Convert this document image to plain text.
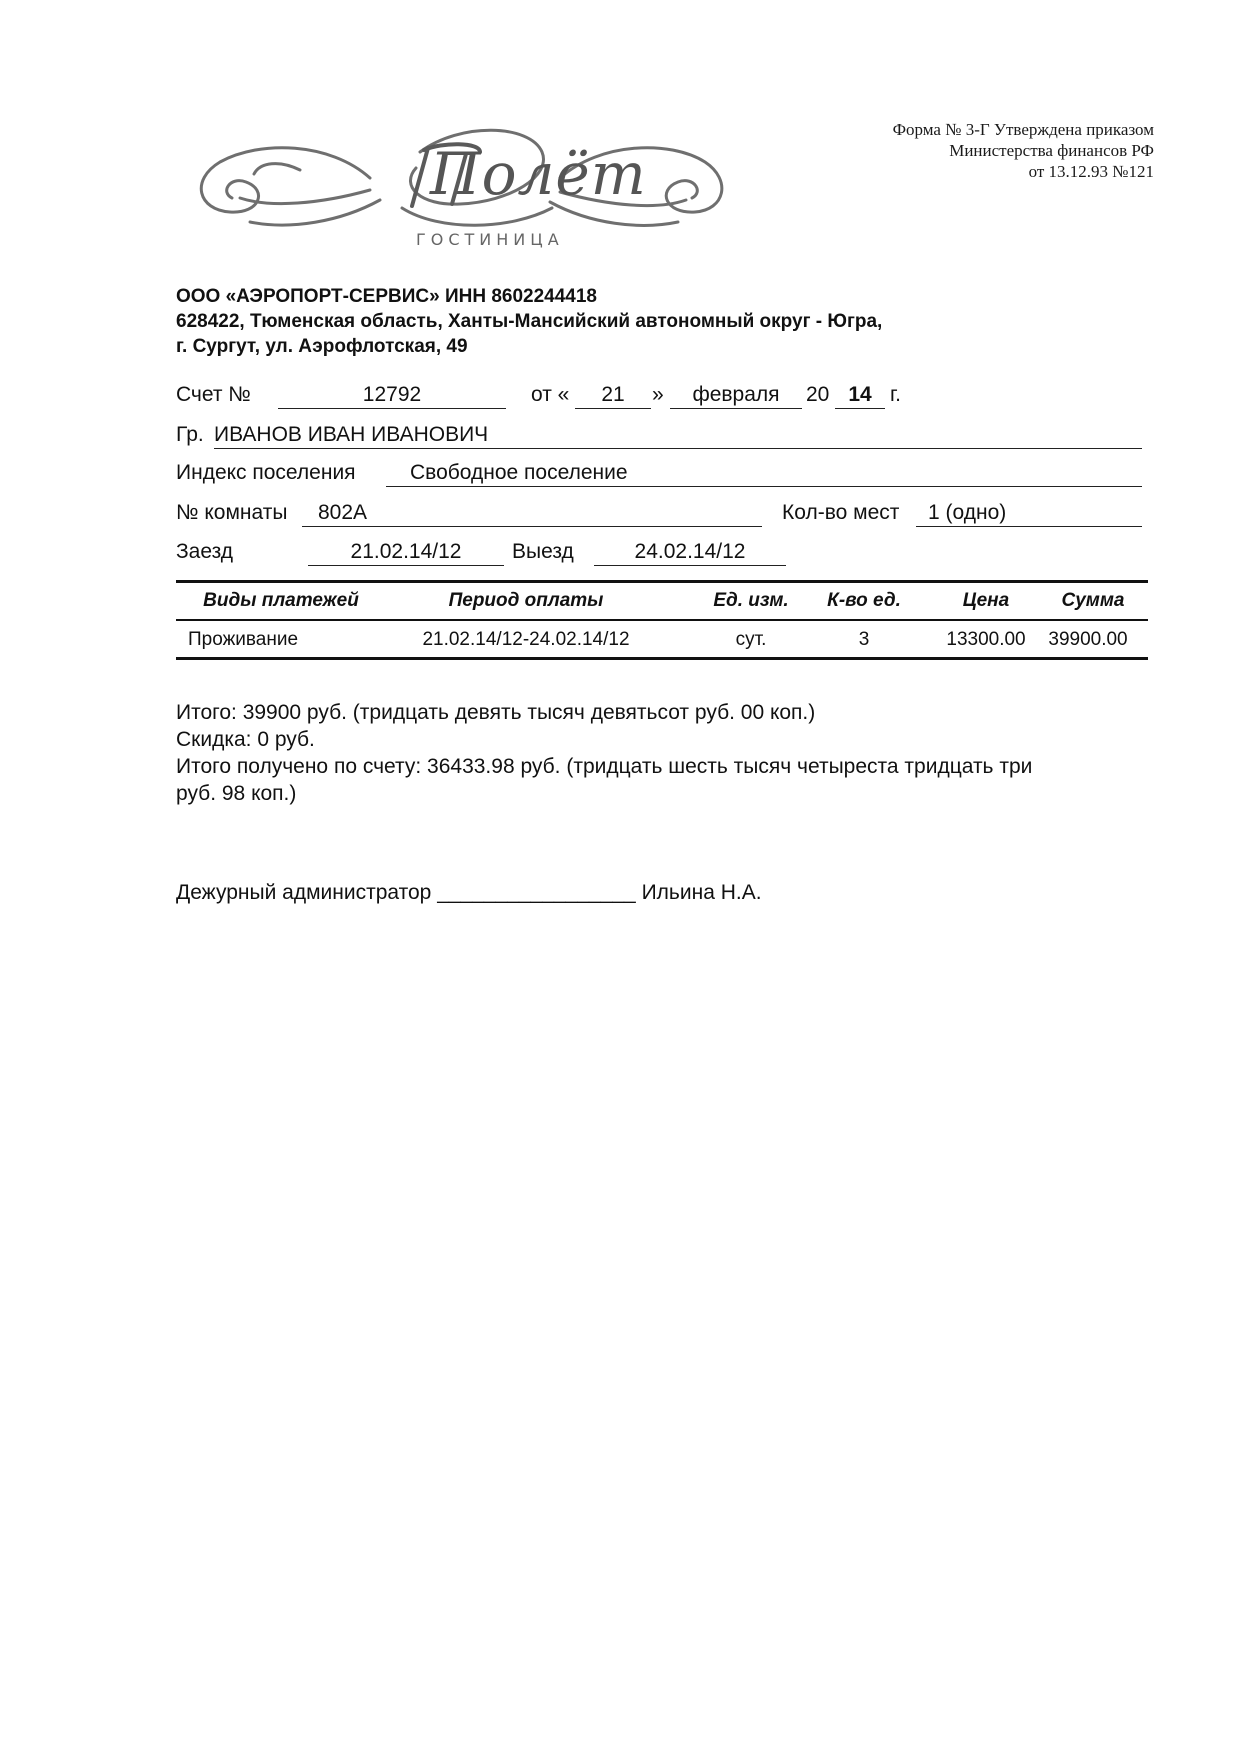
Полёт
ГОСТИНИЦА
Форма № 3-Г Утверждена приказом
Министерства финансов РФ
от 13.12.93 №121
ООО «АЭРОПОРТ-СЕРВИС» ИНН 8602244418
628422, Тюменская область, Ханты-Мансийский автономный округ - Югра,
г. Сургут, ул. Аэрофлотская, 49
Счет №	12792	от «	21	»	февраля	20 14 г.
Гр. ИВАНОВ ИВАН ИВАНОВИЧ
Индекс поселения	Свободное поселение
№ комнаты	802А	Кол-во мест	1 (одно)
Заезд	21.02.14/12	Выезд	24.02.14/12
Виды платежей	Период оплаты	Ед. изм.	К-во ед.	Цена	Сумма
Проживание	21.02.14/12-24.02.14/12	сут.	3	13300.00	39900.00
Итого: 39900 руб. (тридцать девять тысяч девятьсот руб. 00 коп.)
Скидка: 0 руб.
Итого получено по счету: 36433.98 руб. (тридцать шесть тысяч четыреста тридцать три
руб. 98 коп.)
Дежурный администратор _________________ Ильина Н.А.
